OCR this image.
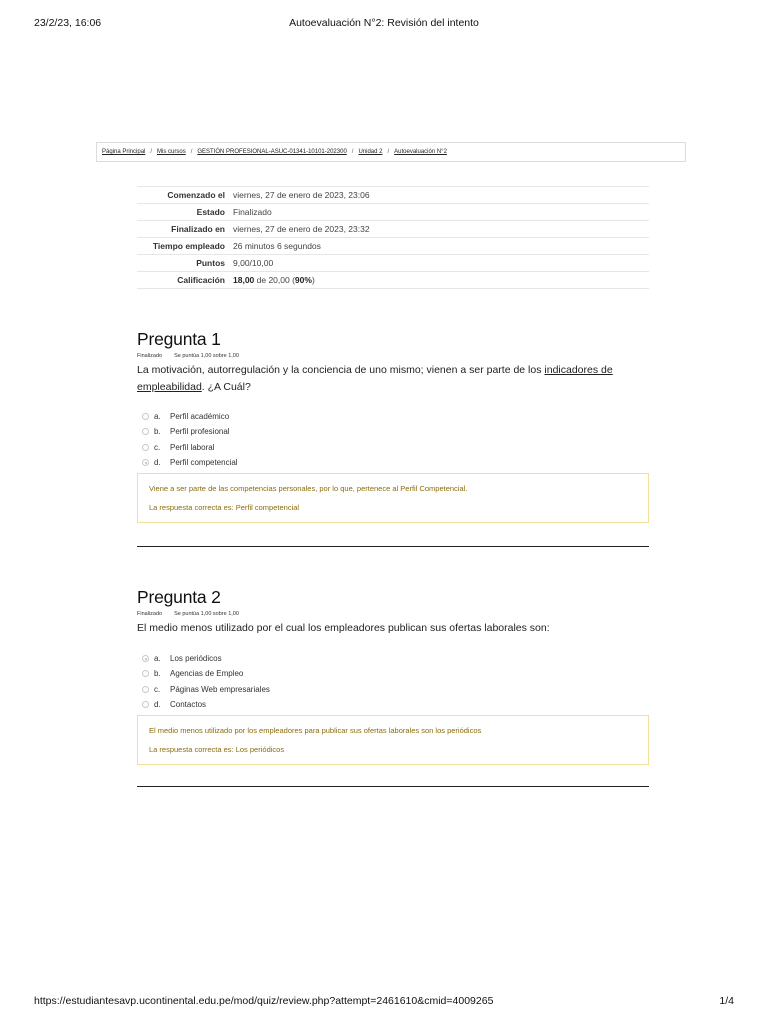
23/2/23, 16:06	Autoevaluación N°2: Revisión del intento
Página Principal / Mis cursos / GESTIÓN PROFESIONAL-ASUC-01341-10101-202300 / Unidad 2 / Autoevaluación N°2
Comenzado el	viernes, 27 de enero de 2023, 23:06
Estado	Finalizado
Finalizado en	viernes, 27 de enero de 2023, 23:32
Tiempo empleado	26 minutos 6 segundos
Puntos	9,00/10,00
Calificación	18,00 de 20,00 (90%)
Pregunta 1
Finalizado Se puntúa 1,00 sobre 1,00
La motivación, autorregulación y la conciencia de uno mismo; vienen a ser parte de los indicadores de empleabilidad. ¿A Cuál?
a.	Perfil académico
b.	Perfil profesional
c.	Perfil laboral
d.	Perfil competencial

Viene a ser parte de las competencias personales, por lo que, pertenece al Perfil Competencial.

La respuesta correcta es: Perfil competencial

Pregunta 2
Finalizado Se puntúa 1,00 sobre 1,00
El medio menos utilizado por el cual los empleadores publican sus ofertas laborales son:
a.	Los periódicos
b.	Agencias de Empleo
c.	Páginas Web empresariales
d.	Contactos

El medio menos utilizado por los empleadores para publicar sus ofertas laborales son los periódicos

La respuesta correcta es: Los periódicos

https://estudiantesavp.ucontinental.edu.pe/mod/quiz/review.php?attempt=2461610&cmid=4009265	1/4
